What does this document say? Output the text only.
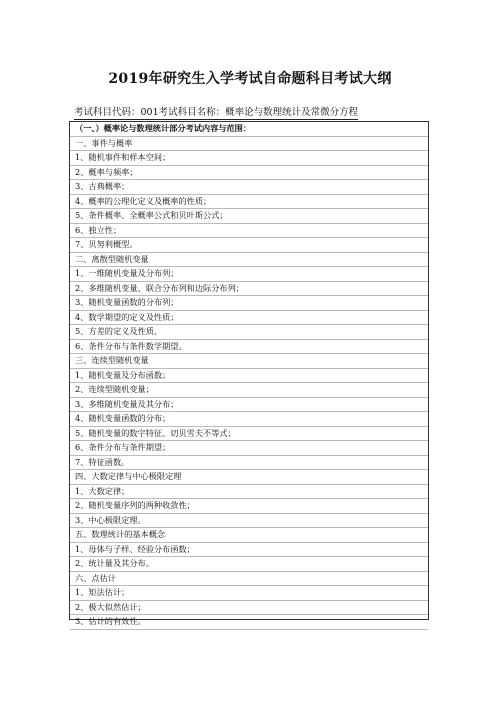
2019年研究生入学考试自命题科目考试大纲
考试科目代码：001考试科目名称：概率论与数理统计及常微分方程
（一、）概率论与数理统计部分考试内容与范围：
一、事件与概率
1、随机事件和样本空间；
2、概率与频率；
3、古典概率；
4、概率的公理化定义及概率的性质；
5、条件概率、全概率公式和贝叶斯公式；
6、独立性；
7、贝努利概型。
二、离散型随机变量
1、一维随机变量及分布列；
2、多维随机变量、联合分布列和边际分布列；
3、随机变量函数的分布列；
4、数学期望的定义及性质；
5、方差的定义及性质、
6、条件分布与条件数学期望。
三、连续型随机变量
1、随机变量及分布函数；
2、连续型随机变量；
3、多维随机变量及其分布；
4、随机变量函数的分布；
5、随机变量的数字特征、切贝雪夫不等式；
6、条件分布与条件期望；
7、特征函数。
四、大数定律与中心极限定理
1、大数定律；
2、随机变量序列的两种收敛性；
3、中心极限定理。
五、数理统计的基本概念
1、母体与子样、经验分布函数；
2、统计量及其分布。
六、点估计
1、矩法估计；
2、极大似然估计；
3、估计的有效性。
